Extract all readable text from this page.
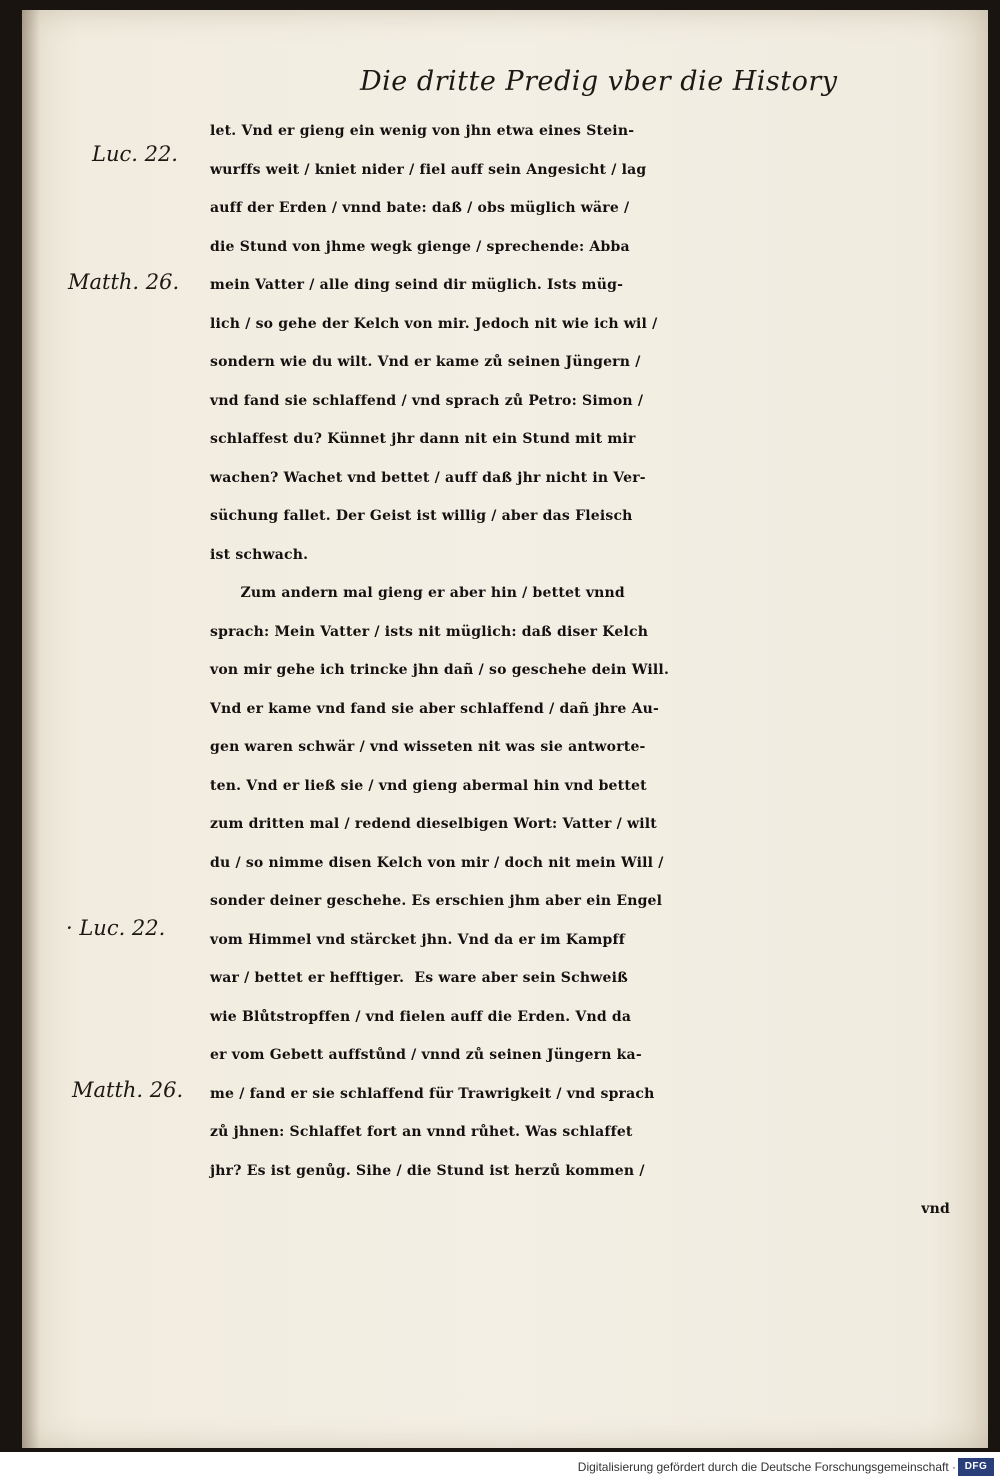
Die dritte Predig vber die History
Luc. 22.
Matth. 26.
· Luc. 22.
Matth. 26.
let. Vnd er gieng ein wenig von jhn etwa eines Stein-
wurffs weit / kniet nider / fiel auff sein Angesicht / lag
auff der Erden / vnnd bate: daß / obs müglich wäre /
die Stund von jhme wegk gienge / sprechende: Abba
mein Vatter / alle ding seind dir müglich. Ists müg-
lich / so gehe der Kelch von mir. Jedoch nit wie ich wil /
sondern wie du wilt. Vnd er kame zů seinen Jüngern /
vnd fand sie schlaffend / vnd sprach zů Petro: Simon /
schlaffest du? Künnet jhr dann nit ein Stund mit mir
wachen? Wachet vnd bettet / auff daß jhr nicht in Ver-
süchung fallet. Der Geist ist willig / aber das Fleisch
ist schwach.
Zum andern mal gieng er aber hin / bettet vnnd
sprach: Mein Vatter / ists nit müglich: daß diser Kelch
von mir gehe ich trincke jhn dañ / so geschehe dein Will.
Vnd er kame vnd fand sie aber schlaffend / dañ jhre Au-
gen waren schwär / vnd wisseten nit was sie antworte-
ten. Vnd er ließ sie / vnd gieng abermal hin vnd bettet
zum dritten mal / redend dieselbigen Wort: Vatter / wilt
du / so nimme disen Kelch von mir / doch nit mein Will /
sonder deiner geschehe. Es erschien jhm aber ein Engel
vom Himmel vnd stärcket jhn. Vnd da er im Kampff
war / bettet er hefftiger.  Es ware aber sein Schweiß
wie Blůtstropffen / vnd fielen auff die Erden. Vnd da
er vom Gebett auffstůnd / vnnd zů seinen Jüngern ka-
me / fand er sie schlaffend für Trawrigkeit / vnd sprach
zů jhnen: Schlaffet fort an vnnd růhet. Was schlaffet
jhr? Es ist genůg. Sihe / die Stund ist herzů kommen /
vnd
Digitalisierung gefördert durch die Deutsche Forschungsgemeinschaft · DFG
